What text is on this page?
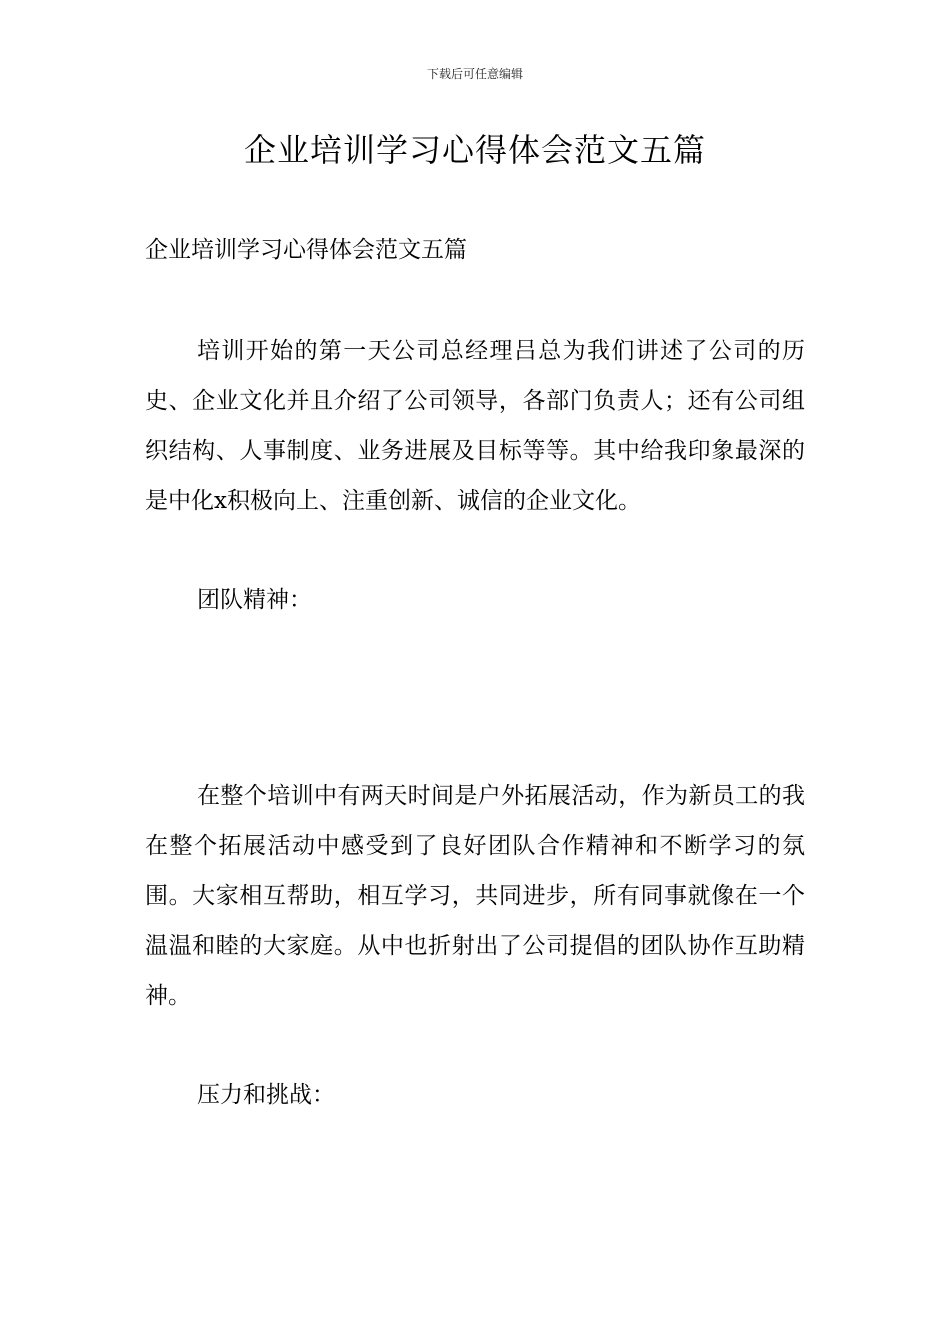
下载后可任意编辑
企业培训学习心得体会范文五篇

企业培训学习心得体会范文五篇

培训开始的第一天公司总经理吕总为我们讲述了公司的历史、企业文化并且介绍了公司领导，各部门负责人；还有公司组织结构、人事制度、业务进展及目标等等。其中给我印象最深的是中化x积极向上、注重创新、诚信的企业文化。

团队精神：

在整个培训中有两天时间是户外拓展活动，作为新员工的我在整个拓展活动中感受到了良好团队合作精神和不断学习的氛围。大家相互帮助，相互学习，共同进步，所有同事就像在一个温温和睦的大家庭。从中也折射出了公司提倡的团队协作互助精神。

压力和挑战：
